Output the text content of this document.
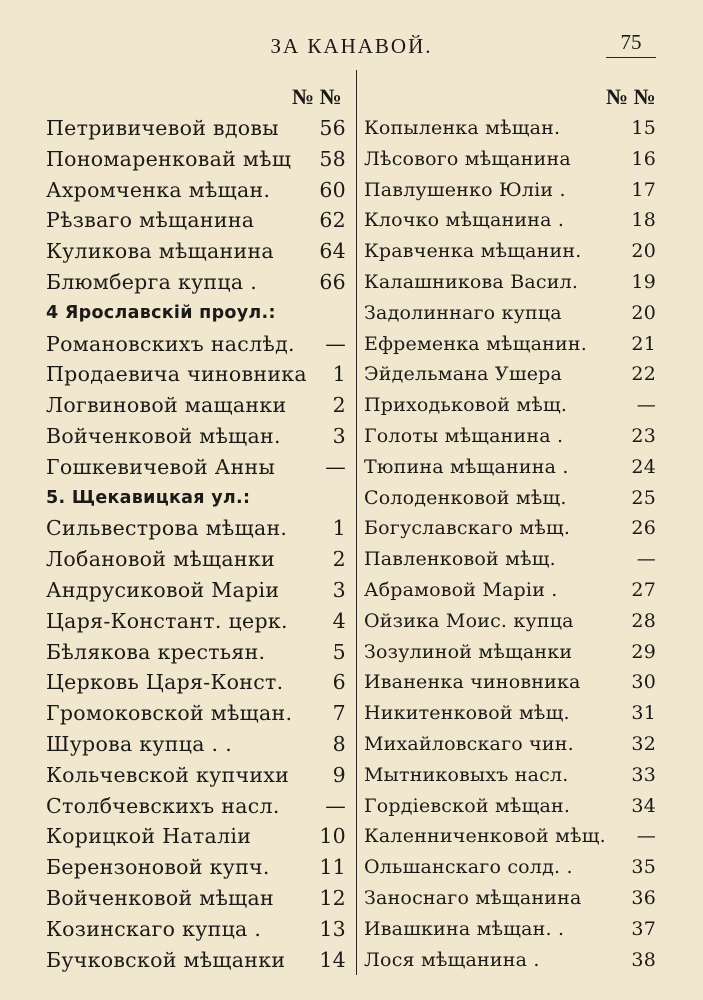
ЗА КАНАВОЙ.	75
№ №	№ №
Петривичевой вдовы 56
Пономаренковай мѣщ 58
Ахромченка мѣщан. 60
Рѣзваго мѣщанина	62
Куликова мѣщанина 64
Блюмберга купца .	66
4 Ярославскій проул.:
Романовскихъ наслѣд.	—
Продаевича чиновника	1
Логвиновой мащанки	2
Войченковой мѣщан.	3
Гошкевичевой Анны	—
5. Щекавицкая ул.:
Сильвестрова мѣщан.	1
Лобановой мѣщанки	2
Андрусиковой Маріи	3
Царя-Констант. церк.	4
Бѣлякова крестьян.	5
Церковь Царя-Конст.	6
Громоковской мѣщан.	7
Шурова купца . .	8
Кольчевской купчихи	9
Столбчевскихъ насл.	—
Корицкой Наталіи	10
Берензоновой купч. 11
Войченковой мѣщан 12
Козинскаго купца .	13
Бучковской мѣщанки 14
Копыленка мѣщан.	15
Лѣсового мѣщанина	16
Павлушенко Юліи .	17
Клочко мѣщанина .	18
Кравченка мѣщанин.	20
Калашникова Васил.	19
Задолиннаго купца	20
Ефременка мѣщанин.	21
Эйдельмана Ушера	22
Приходьковой мѣщ.	—
Голоты мѣщанина .	23
Тюпина мѣщанина .	24
Солоденковой мѣщ.	25
Богуславскаго мѣщ.	26
Павленковой мѣщ.	—
Абрамовой Маріи .	27
Ойзика Моис. купца	28
Зозулиной мѣщанки	29
Иваненка чиновника	30
Никитенковой мѣщ.	31
Михайловскаго чин.	32
Мытниковыхъ насл.	33
Гордіевской мѣщан.	34
Каленниченковой мѣщ.	—
Ольшанскаго солд. .	35
Заноснаго мѣщанина	36
Ивашкина мѣщан. .	37
Лося мѣщанина .	38
